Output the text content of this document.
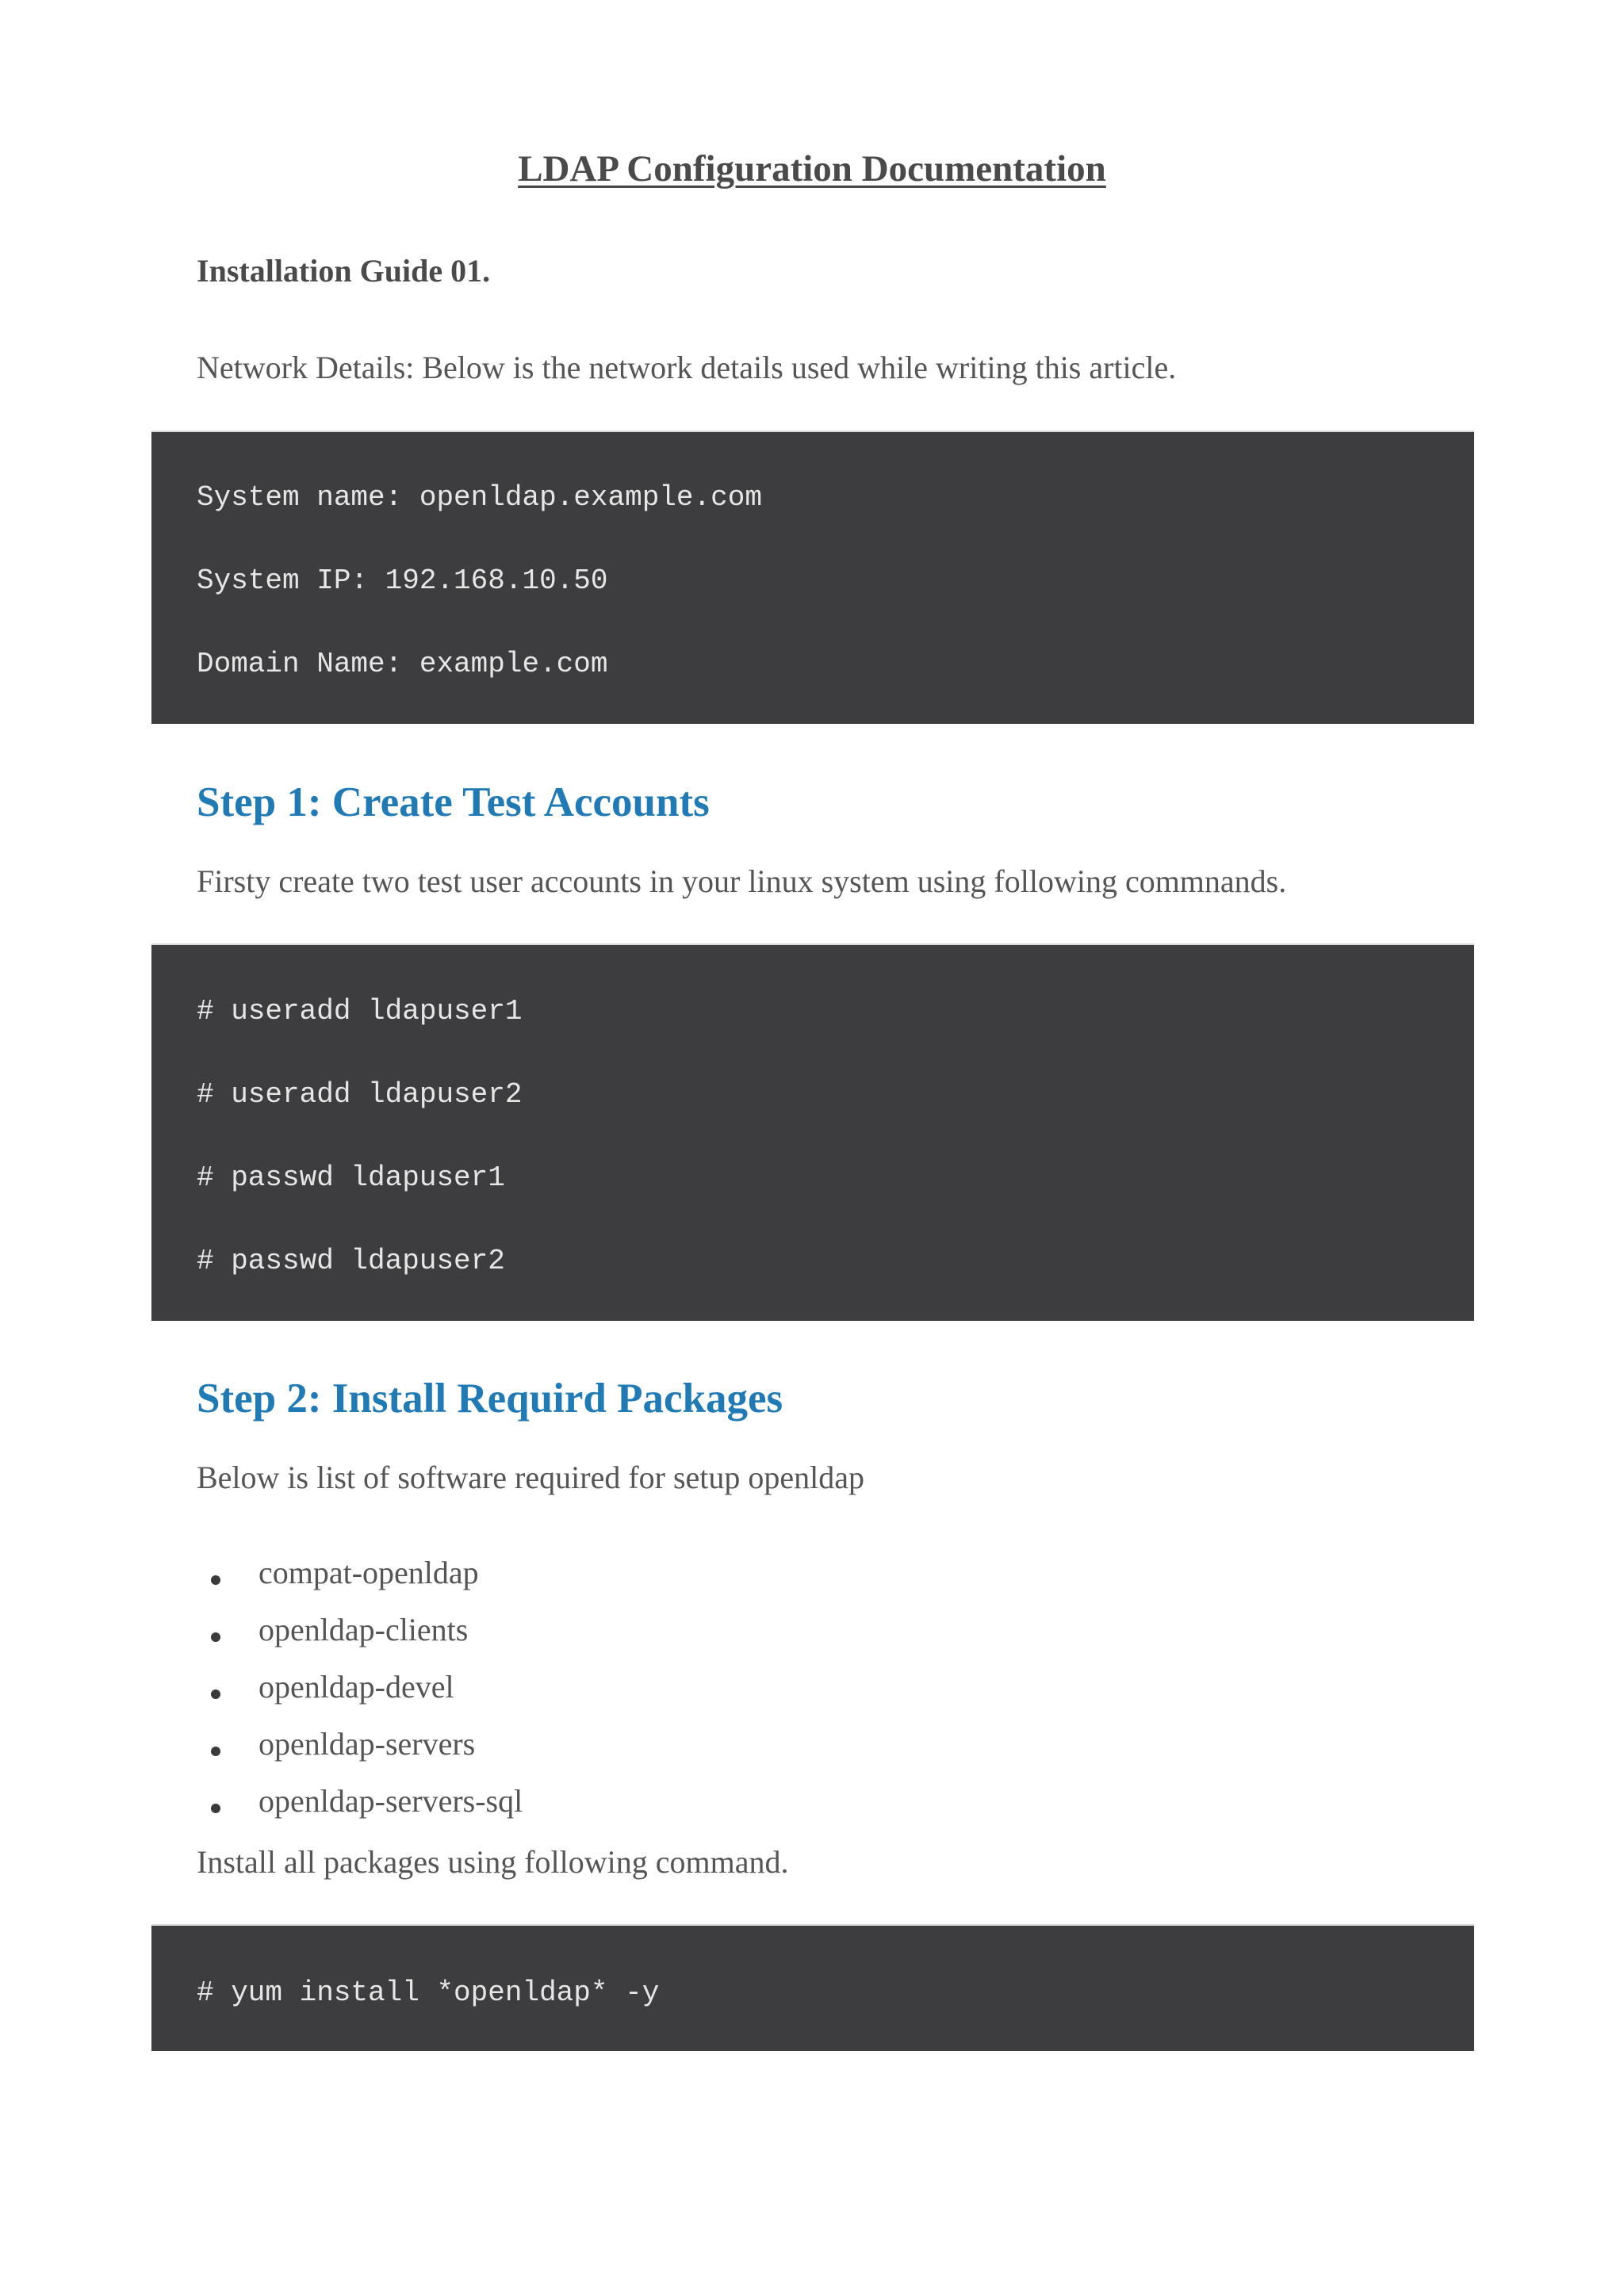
LDAP Configuration Documentation

Installation Guide 01.

Network Details: Below is the network details used while writing this article.

System name: openldap.example.com

System IP: 192.168.10.50

Domain Name: example.com

Step 1: Create Test Accounts

Firsty create two test user accounts in your linux system using following commnands.

# useradd ldapuser1

# useradd ldapuser2

# passwd ldapuser1

# passwd ldapuser2

Step 2: Install Requird Packages

Below is list of software required for setup openldap

compat-openldap
openldap-clients
openldap-devel
openldap-servers
openldap-servers-sql

Install all packages using following command.

# yum install *openldap* -y
